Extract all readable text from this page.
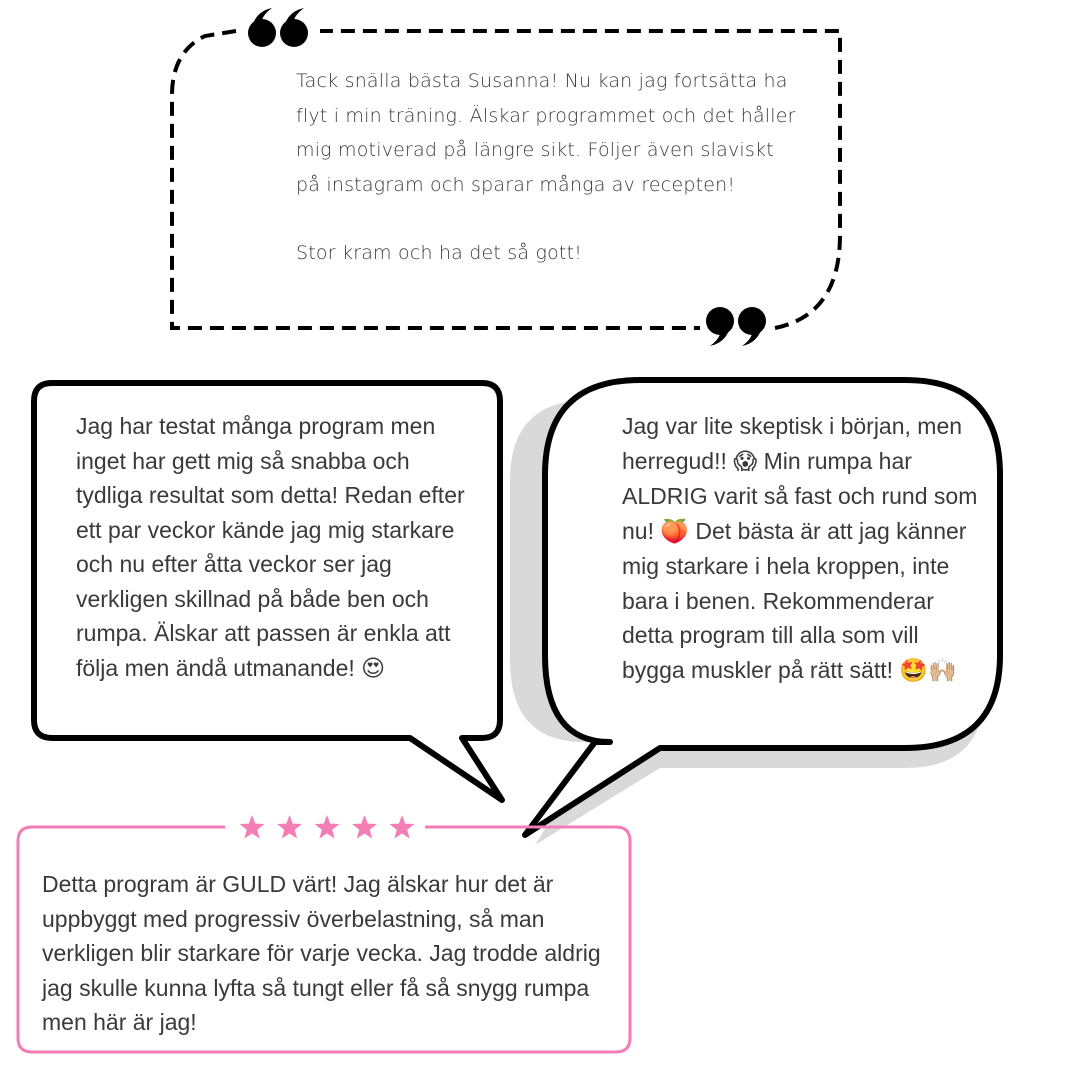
Tack snälla bästa Susanna! Nu kan jag fortsätta ha flyt i min träning. Älskar programmet och det håller mig motiverad på längre sikt. Följer även slaviskt på instagram och sparar många av recepten!
Stor kram och ha det så gott!
Jag har testat många program men inget har gett mig så snabba och tydliga resultat som detta! Redan efter ett par veckor kände jag mig starkare och nu efter åtta veckor ser jag verkligen skillnad på både ben och rumpa. Älskar att passen är enkla att följa men ändå utmanande! 😍
Jag var lite skeptisk i början, men herregud!! 😱 Min rumpa har ALDRIG varit så fast och rund som nu! 🍑 Det bästa är att jag känner mig starkare i hela kroppen, inte bara i benen. Rekommenderar detta program till alla som vill bygga muskler på rätt sätt! 🤩🙌🏼
Detta program är GULD värt! Jag älskar hur det är uppbyggt med progressiv överbelastning, så man verkligen blir starkare för varje vecka. Jag trodde aldrig jag skulle kunna lyfta så tungt eller få så snygg rumpa men här är jag!
